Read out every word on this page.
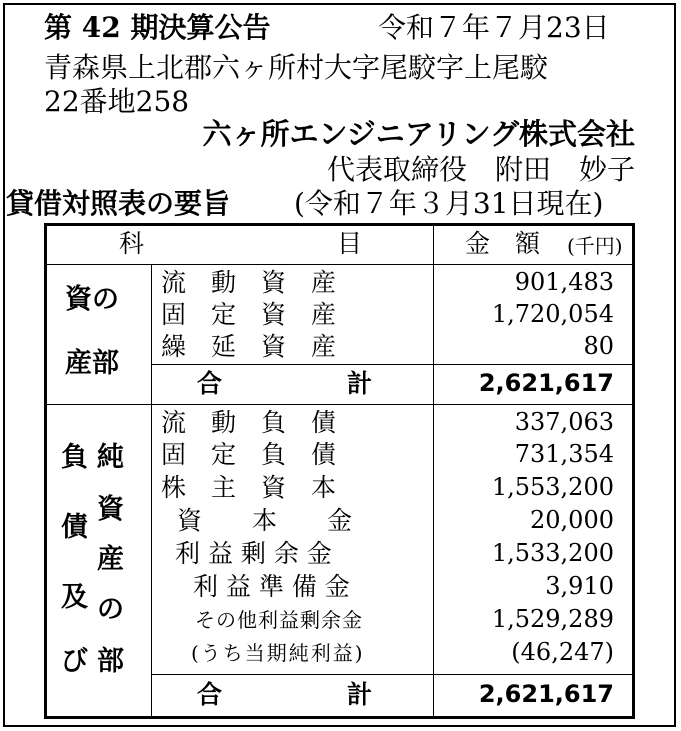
第 42 期決算公告	令和７年７月23日
青森県上北郡六ヶ所村大字尾駮字上尾駮
22番地258
六ヶ所エンジニアリング株式会社
代表取締役　附田　妙子
貸借対照表の要旨 (令和７年３月31日現在)
科	目	金　額 (千円)
資の
産部
流　動　資　産	901,483
固　定　資　産	1,720,054
繰　延　資　産	80
合	計	2,621,617
負
債
及
び
純
資
産
の
部
流　動　負　債	337,063
固　定　負　債	731,354
株　主　資　本	1,553,200
資　　本　　金	20,000
利 益 剰 余 金	1,533,200
利 益 準 備 金	3,910
その他利益剰余金	1,529,289
(うち当期純利益)	(46,247)
合	計	2,621,617
